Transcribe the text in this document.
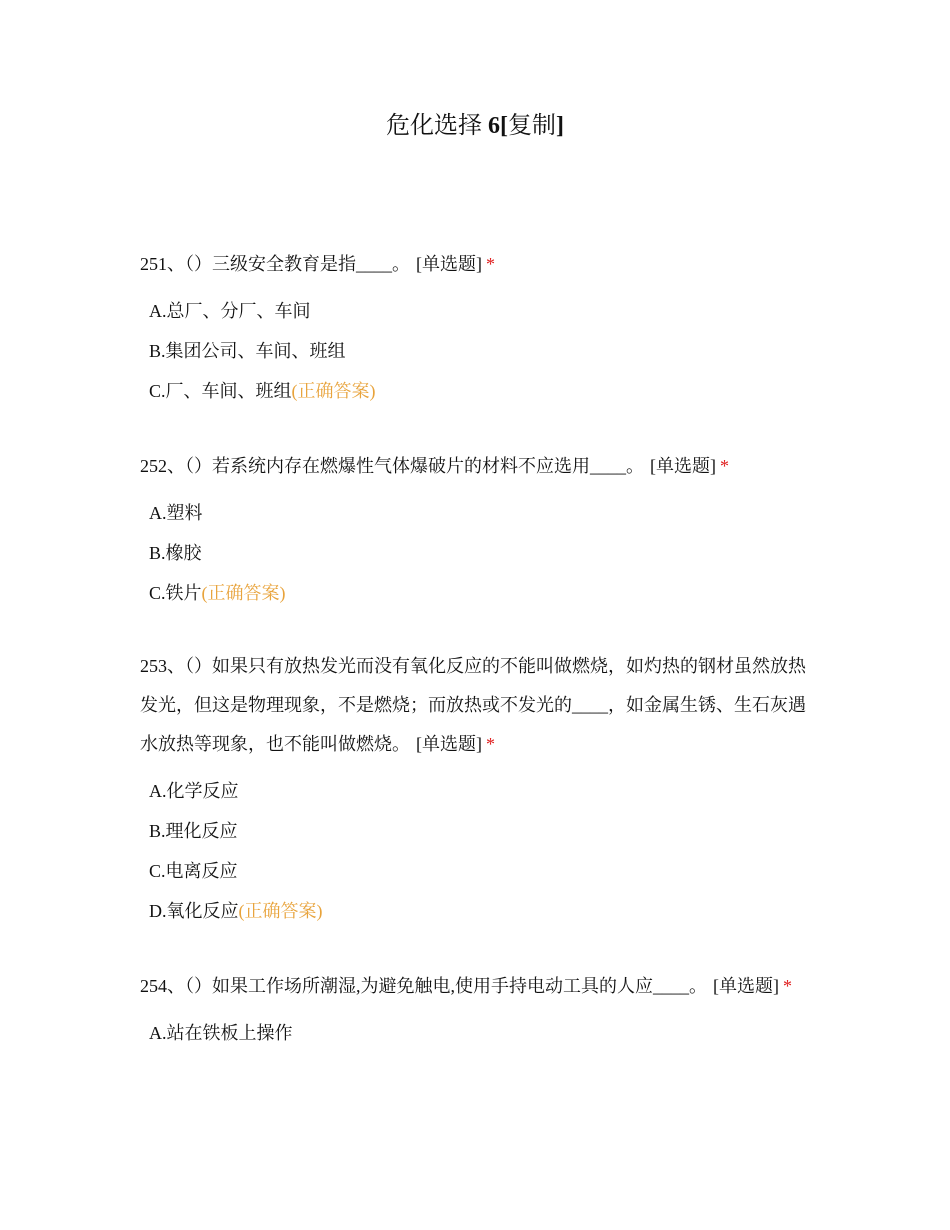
危化选择 6[复制]

251、（）三级安全教育是指____。 [单选题] *

A.总厂、分厂、车间
B.集团公司、车间、班组
C.厂、车间、班组(正确答案)

252、（）若系统内存在燃爆性气体爆破片的材料不应选用____。 [单选题] *

A.塑料
B.橡胶
C.铁片(正确答案)

253、（）如果只有放热发光而没有氧化反应的不能叫做燃烧，如灼热的钢材虽然放热发光，但这是物理现象，不是燃烧；而放热或不发光的____，如金属生锈、生石灰遇水放热等现象，也不能叫做燃烧。 [单选题] *

A.化学反应
B.理化反应
C.电离反应
D.氧化反应(正确答案)

254、（）如果工作场所潮湿,为避免触电,使用手持电动工具的人应____。 [单选题] *

A.站在铁板上操作
